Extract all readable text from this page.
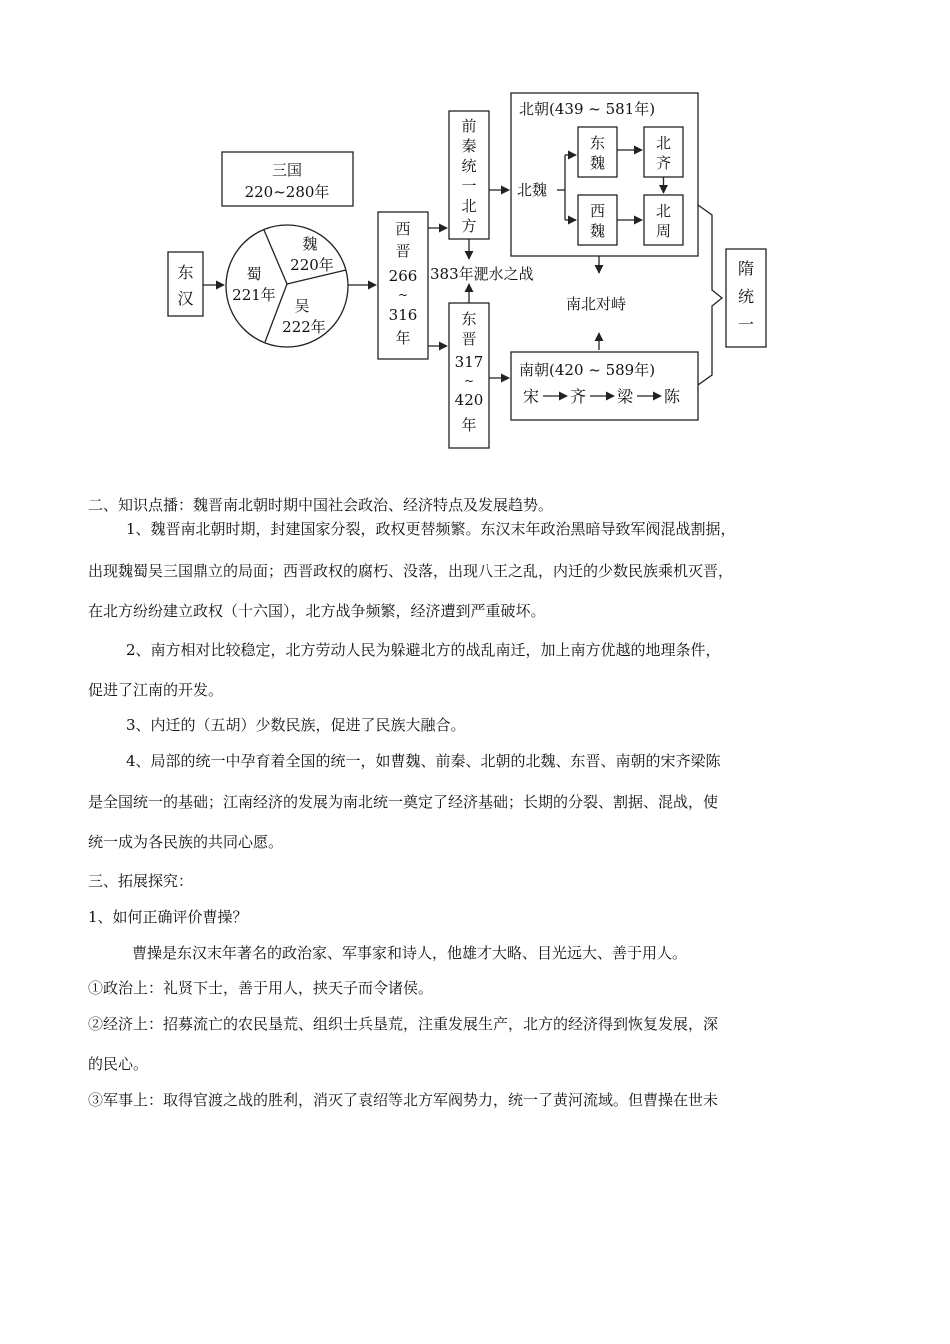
三国
220~280年
东
汉
魏
220年
蜀
221年
吴
222年
西
晋
266
~
316
年
前
秦
统
一
北
方
383年淝水之战
东
晋
317
~
420
年
北朝(439 ~ 581年)
北魏
东
魏
西
魏
北
齐
北
周
南北对峙
南朝(420 ~ 589年)
宋 齐 梁 陈
隋
统
一

二、知识点播：魏晋南北朝时期中国社会政治、经济特点及发展趋势。

1、魏晋南北朝时期，封建国家分裂，政权更替频繁。东汉末年政治黑暗导致军阀混战割据，

出现魏蜀吴三国鼎立的局面；西晋政权的腐朽、没落，出现八王之乱，内迁的少数民族乘机灭晋，

在北方纷纷建立政权（十六国），北方战争频繁，经济遭到严重破坏。

2、南方相对比较稳定，北方劳动人民为躲避北方的战乱南迁，加上南方优越的地理条件，

促进了江南的开发。

3、内迁的（五胡）少数民族，促进了民族大融合。

4、局部的统一中孕育着全国的统一，如曹魏、前秦、北朝的北魏、东晋、南朝的宋齐梁陈

是全国统一的基础；江南经济的发展为南北统一奠定了经济基础；长期的分裂、割据、混战，使

统一成为各民族的共同心愿。

三、拓展探究：

1、如何正确评价曹操？

曹操是东汉末年著名的政治家、军事家和诗人，他雄才大略、目光远大、善于用人。

①政治上：礼贤下士，善于用人，挟天子而令诸侯。

②经济上：招募流亡的农民垦荒、组织士兵垦荒，注重发展生产，北方的经济得到恢复发展，深

的民心。

③军事上：取得官渡之战的胜利，消灭了袁绍等北方军阀势力，统一了黄河流域。但曹操在世未
